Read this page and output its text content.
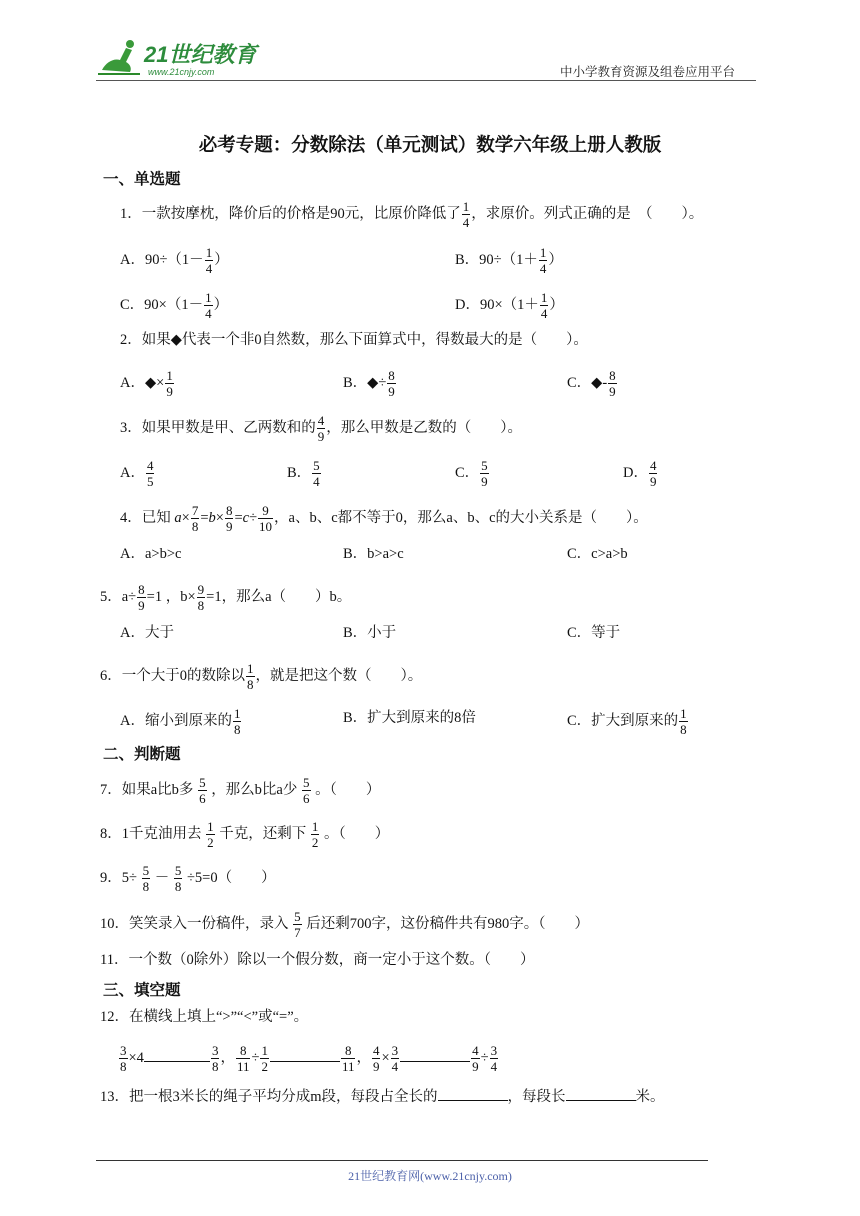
21世纪教育
www.21cnjy.com	中小学教育资源及组卷应用平台
必考专题：分数除法（单元测试）数学六年级上册人教版
一、单选题
1．一款按摩枕，降价后的价格是90元，比原价降低了 $\frac{1}{4}$ ，求原价。列式正确的是　（　　）。
A．$90\div(1- \frac{1}{4}$ ）	B．$90\div(1+ \frac{1}{4}$ ）
C．$90\times(1- \frac{1}{4}$ ）	D．$90\times(1+ \frac{1}{4}$ ）
2．如果◆代表一个非0自然数，那么下面算式中，得数最大的是（　　）。
A．◆× $\frac{1}{9}$	B．◆÷ $\frac{8}{9}$	C．◆- $\frac{8}{9}$
3．如果甲数是甲、乙两数和的 $\frac{4}{9}$ ，那么甲数是乙数的（　　）。
A． $\frac{4}{5}$	B． $\frac{5}{4}$	C． $\frac{5}{9}$	D． $\frac{4}{9}$
4．已知 $a\times \frac{7}{8} =b\times \frac{8}{9} =c\div \frac{9}{10}$ ，a、b、c都不等于0，那么a、b、c的大小关系是（　　）。
A．a>b>c	B．b>a>c	C．c>a>b
5．$a\div \frac{8}{9} =1$ ，$b\times \frac{9}{8} =1$，那么a（　　）b。
A．大于	B．小于	C．等于
6．一个大于0的数除以 $\frac{1}{8}$ ，就是把这个数（　　）。
A．缩小到原来的 $\frac{1}{8}$	B．扩大到原来的8倍	C．扩大到原来的 $\frac{1}{8}$
二、判断题
7．如果a比b多 $\frac{5}{6}$ ，那么b比a少 $\frac{5}{6}$ 。（　　）
8．1千克油用去 $\frac{1}{2}$ 千克，还剩下 $\frac{1}{2}$ 。（　　）
9．$5\div \frac{5}{8} - \frac{5}{8} \div 5=0$（　　）
10．笑笑录入一份稿件，录入 $\frac{5}{7}$ 后还剩700字，这份稿件共有980字。（　　）
11．一个数（0除外）除以一个假分数，商一定小于这个数。（　　）
三、填空题
12．在横线上填上“>”“<”或“=”。
$\frac{3}{8} \times 4$	$\frac{3}{8}$ ， $\frac{8}{11} \div \frac{1}{2}$	$\frac{8}{11}$ ， $\frac{4}{9} \times \frac{3}{4}$	$\frac{4}{9} \div \frac{3}{4}$
13．把一根3米长的绳子平均分成m段，每段占全长的	，每段长	米。
21世纪教育网(www.21cnjy.com)
